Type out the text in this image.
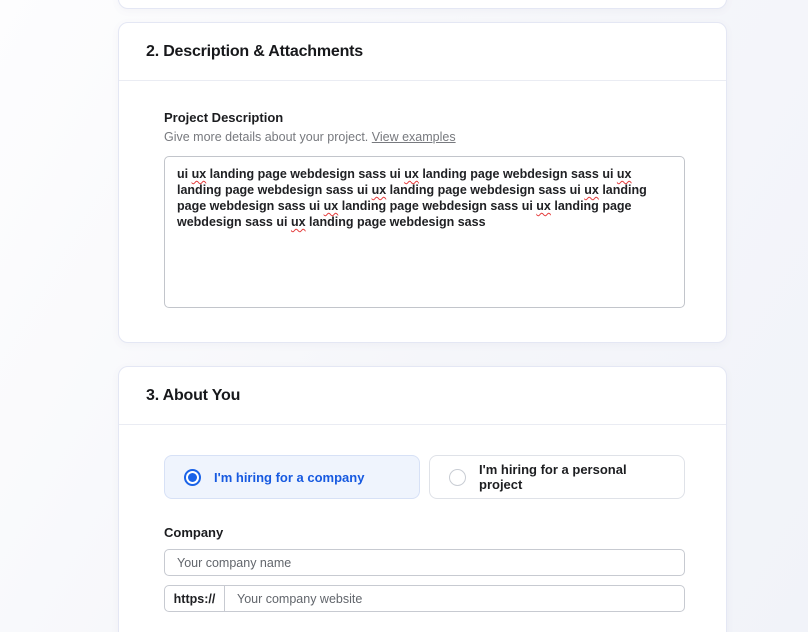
2. Description & Attachments
Project Description
Give more details about your project. View examples
ui ux landing page webdesign sass ui ux landing page webdesign sass ui ux landing page webdesign sass ui ux landing page webdesign sass ui ux landing page webdesign sass ui ux landing page webdesign sass ui ux landing page webdesign sass ui ux landing page webdesign sass
3. About You
I'm hiring for a company	I'm hiring for a personal project
Company
Your company name
https://
Your company website
